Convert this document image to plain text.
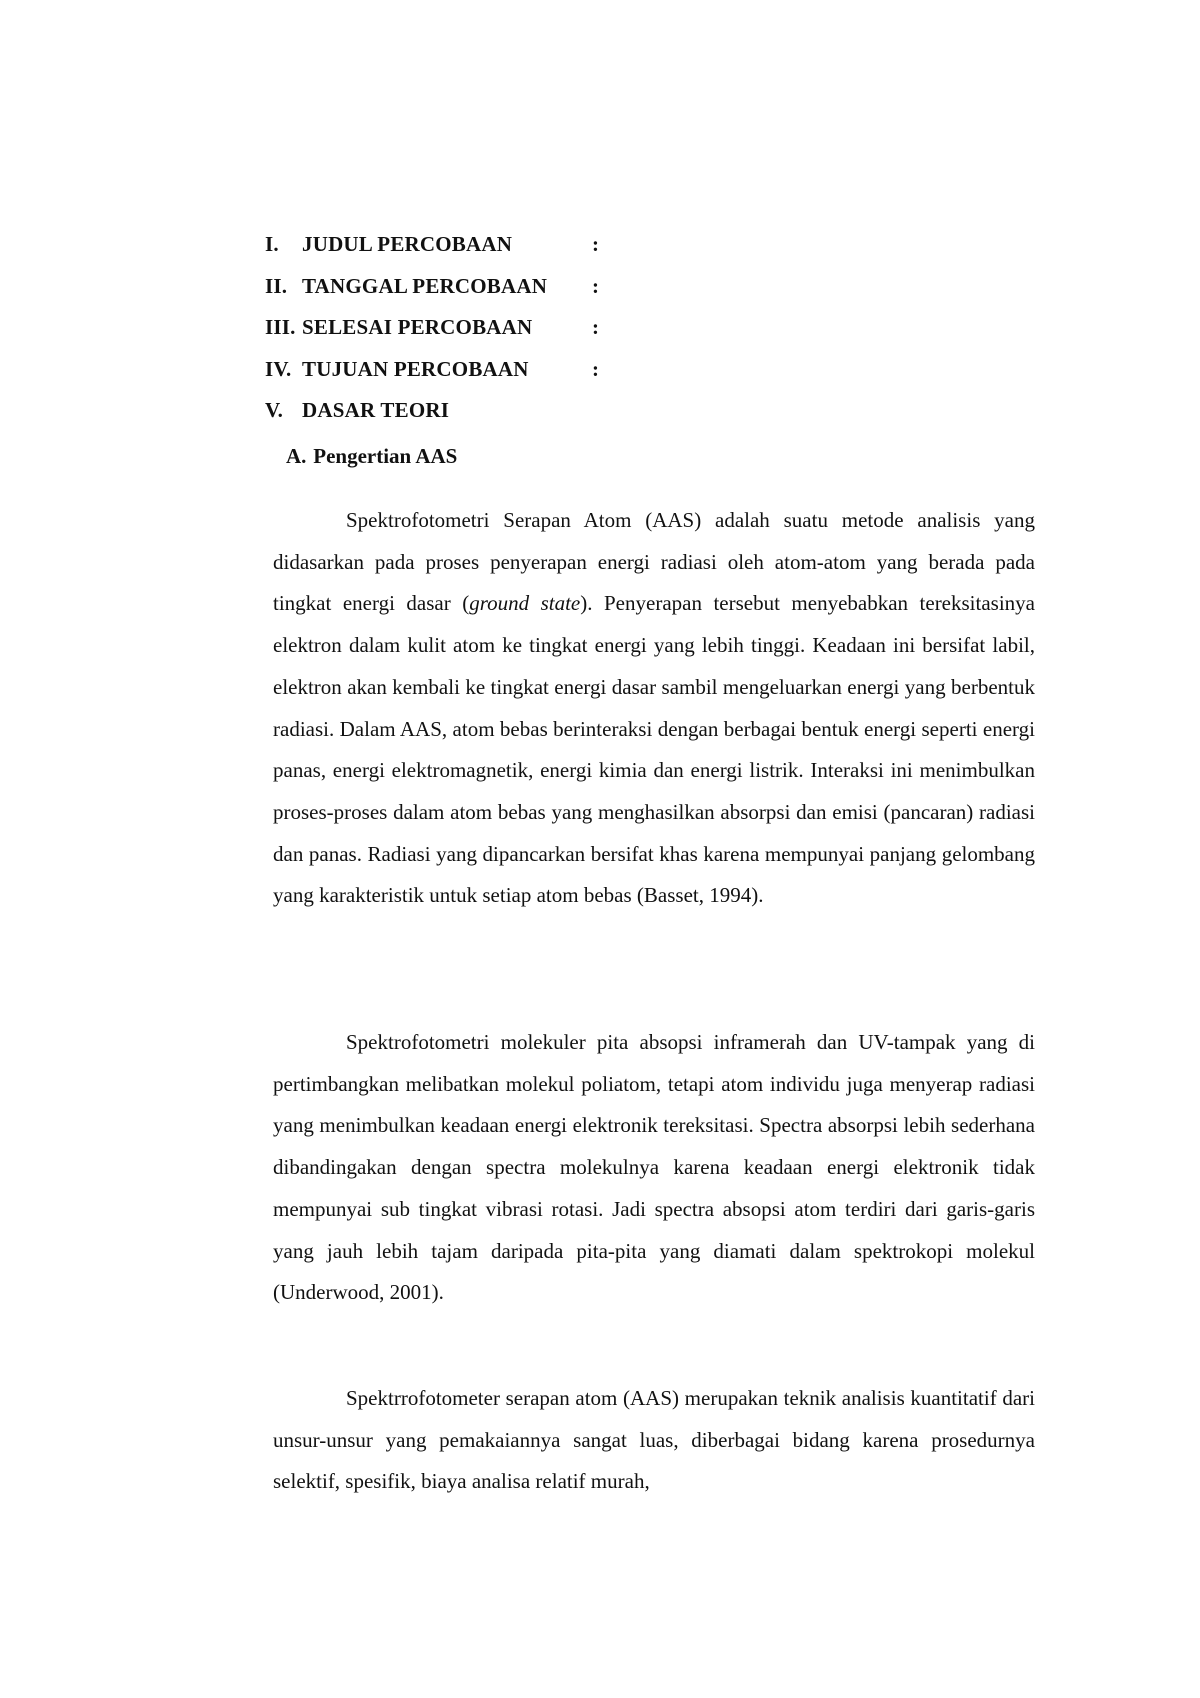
I.	JUDUL PERCOBAAN	:
II. TANGGAL PERCOBAAN	:
III. SELESAI PERCOBAAN	:
IV. TUJUAN PERCOBAAN	:
V. DASAR TEORI
A. Pengertian AAS

Spektrofotometri Serapan Atom (AAS) adalah suatu metode analisis yang didasarkan pada proses penyerapan energi radiasi oleh atom-atom yang berada pada tingkat energi dasar (ground state). Penyerapan tersebut menyebabkan tereksitasinya elektron dalam kulit atom ke tingkat energi yang lebih tinggi. Keadaan ini bersifat labil, elektron akan kembali ke tingkat energi dasar sambil mengeluarkan energi yang berbentuk radiasi. Dalam AAS, atom bebas berinteraksi dengan berbagai bentuk energi seperti energi panas, energi elektromagnetik, energi kimia dan energi listrik. Interaksi ini menimbulkan proses-proses dalam atom bebas yang menghasilkan absorpsi dan emisi (pancaran) radiasi dan panas. Radiasi yang dipancarkan bersifat khas karena mempunyai panjang gelombang yang karakteristik untuk setiap atom bebas (Basset, 1994).

Spektrofotometri molekuler pita absopsi inframerah dan UV-tampak yang di pertimbangkan melibatkan molekul poliatom, tetapi atom individu juga menyerap radiasi yang menimbulkan keadaan energi elektronik tereksitasi. Spectra absorpsi lebih sederhana dibandingakan dengan spectra molekulnya karena keadaan energi elektronik tidak mempunyai sub tingkat vibrasi rotasi. Jadi spectra absopsi atom terdiri dari garis-garis yang jauh lebih tajam daripada pita-pita yang diamati dalam spektrokopi molekul (Underwood, 2001).

Spektrrofotometer serapan atom (AAS) merupakan teknik analisis kuantitatif dari unsur-unsur yang pemakaiannya sangat luas, diberbagai bidang karena prosedurnya selektif, spesifik, biaya analisa relatif murah,
